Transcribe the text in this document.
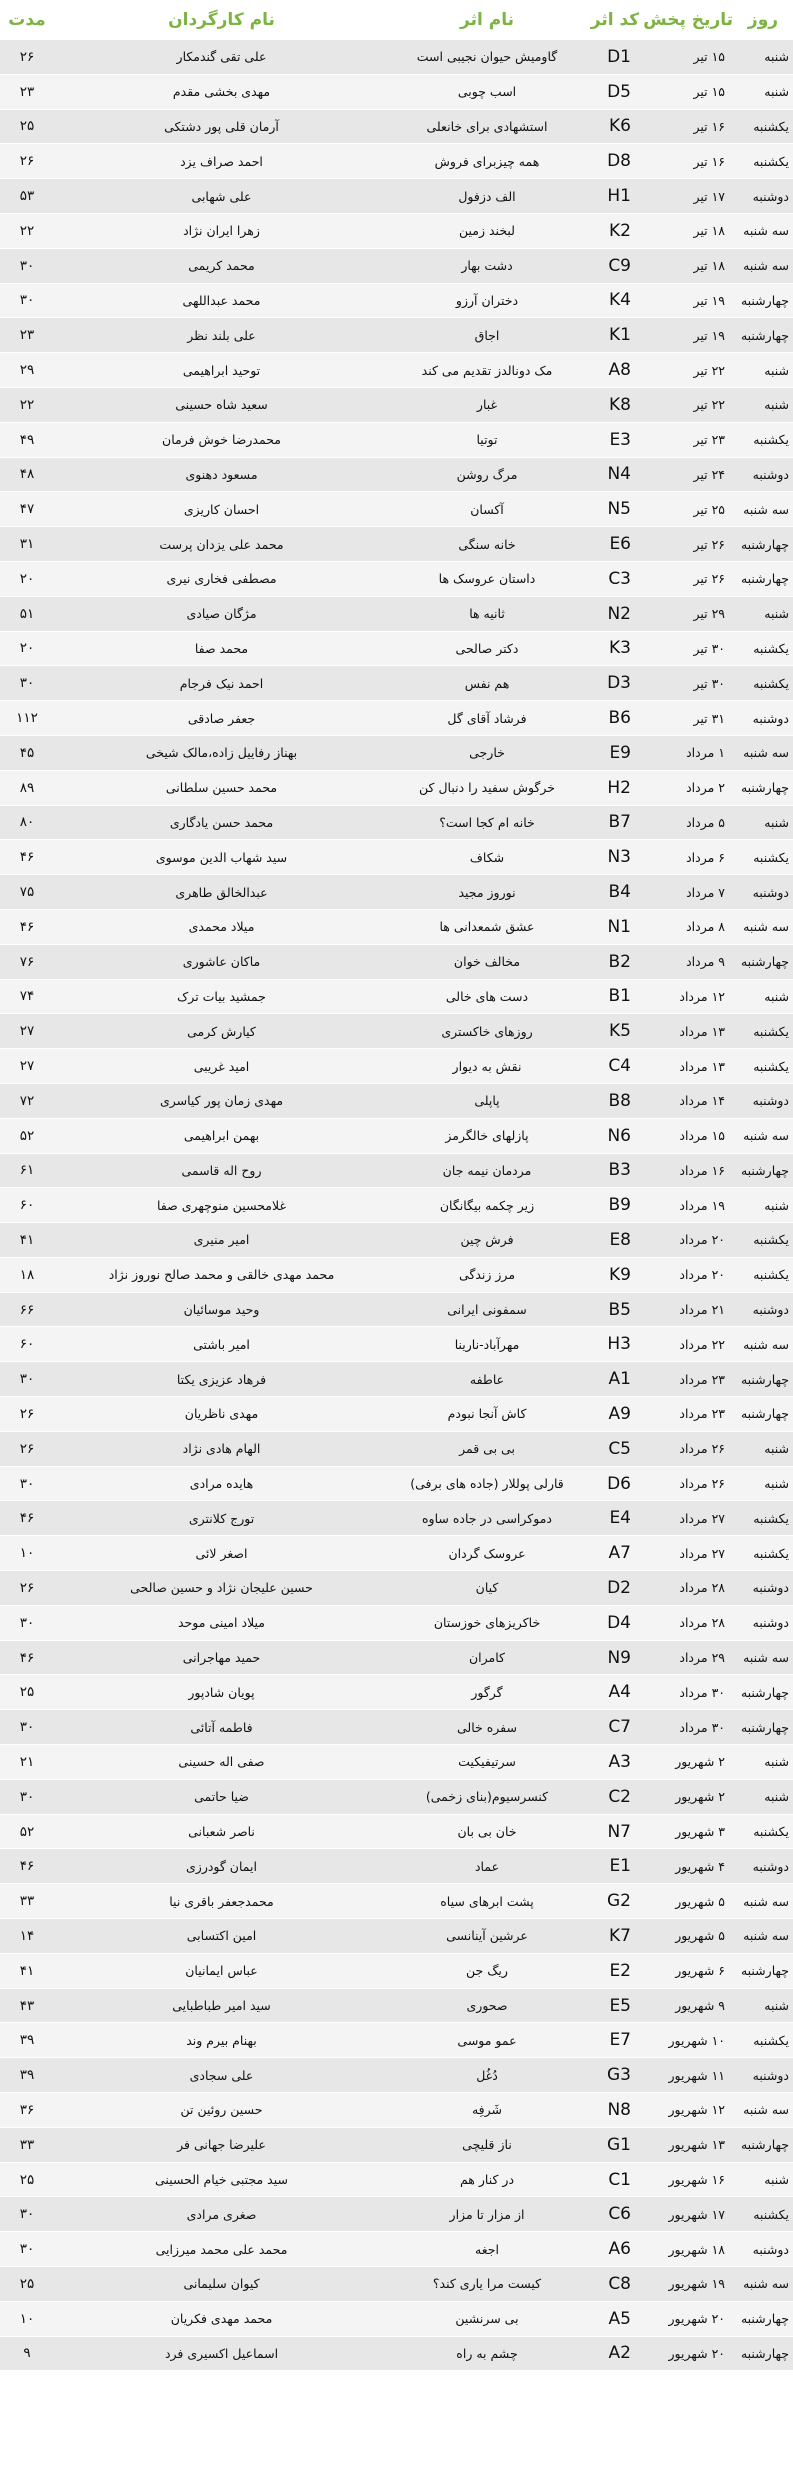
روز	تاریخ پخش	کد اثر	نام اثر	نام کارگردان	مدت
شنبه	۱۵ تیر	D1	گاومیش حیوان نجیبی است	علی تقی گندمکار	۲۶
شنبه	۱۵ تیر	D5	اسب چوبی	مهدی بخشی مقدم	۲۳
یکشنبه	۱۶ تیر	K6	استشهادی برای خانعلی	آرمان قلی پور دشتکی	۲۵
یکشنبه	۱۶ تیر	D8	همه چیزبرای فروش	احمد صراف یزد	۲۶
دوشنبه	۱۷ تیر	H1	الف دزفول	علی شهابی	۵۳
سه شنبه	۱۸ تیر	K2	لبخند زمین	زهرا ایران نژاد	۲۲
سه شنبه	۱۸ تیر	C9	دشت بهار	محمد کریمی	۳۰
چهارشنبه	۱۹ تیر	K4	دختران آرزو	محمد عبداللهی	۳۰
چهارشنبه	۱۹ تیر	K1	اجاق	علی بلند نظر	۲۳
شنبه	۲۲ تیر	A8	مک دونالدز تقدیم می کند	توحید ابراهیمی	۲۹
شنبه	۲۲ تیر	K8	غبار	سعید شاه حسینی	۲۲
یکشنبه	۲۳ تیر	E3	توتیا	محمدرضا خوش فرمان	۴۹
دوشنبه	۲۴ تیر	N4	مرگ روشن	مسعود دهنوی	۴۸
سه شنبه	۲۵ تیر	N5	آکسان	احسان کاریزی	۴۷
چهارشنبه	۲۶ تیر	E6	خانه سنگی	محمد علی یزدان پرست	۳۱
چهارشنبه	۲۶ تیر	C3	داستان عروسک ها	مصطفی فخاری نیری	۲۰
شنبه	۲۹ تیر	N2	ثانیه ها	مژگان صیادی	۵۱
یکشنبه	۳۰ تیر	K3	دکتر صالحی	محمد صفا	۲۰
یکشنبه	۳۰ تیر	D3	هم نفس	احمد نیک فرجام	۳۰
دوشنبه	۳۱ تیر	B6	فرشاد آقای گل	جعفر صادقی	۱۱۲
سه شنبه	۱ مرداد	E9	خارجی	بهناز رفاییل زاده،مالک شیخی	۴۵
چهارشنبه	۲ مرداد	H2	خرگوش سفید را دنبال کن	محمد حسین سلطانی	۸۹
شنبه	۵ مرداد	B7	خانه ام کجا است؟	محمد حسن یادگاری	۸۰
یکشنبه	۶ مرداد	N3	شکاف	سید شهاب الدین موسوی	۴۶
دوشنبه	۷ مرداد	B4	نوروز مجید	عبدالخالق طاهری	۷۵
سه شنبه	۸ مرداد	N1	عشق شمعدانی ها	میلاد محمدی	۴۶
چهارشنبه	۹ مرداد	B2	مخالف خوان	ماکان عاشوری	۷۶
شنبه	۱۲ مرداد	B1	دست های خالی	جمشید بیات ترک	۷۴
یکشنبه	۱۳ مرداد	K5	روزهای خاکستری	کیارش کرمی	۲۷
یکشنبه	۱۳ مرداد	C4	نقش به دیوار	امید غریبی	۲۷
دوشنبه	۱۴ مرداد	B8	پاپلی	مهدی زمان پور کیاسری	۷۲
سه شنبه	۱۵ مرداد	N6	پازلهای خالگرمز	بهمن ابراهیمی	۵۲
چهارشنبه	۱۶ مرداد	B3	مردمان نیمه جان	روح اله قاسمی	۶۱
شنبه	۱۹ مرداد	B9	زیر چکمه بیگانگان	غلامحسین منوچهری صفا	۶۰
یکشنبه	۲۰ مرداد	E8	فرش چین	امیر منیری	۴۱
یکشنبه	۲۰ مرداد	K9	مرز زندگی	محمد مهدی خالقی و محمد صالح نوروز نژاد	۱۸
دوشنبه	۲۱ مرداد	B5	سمفونی ایرانی	وحید موسائیان	۶۶
سه شنبه	۲۲ مرداد	H3	مهرآباد-نارینا	امیر باشتی	۶۰
چهارشنبه	۲۳ مرداد	A1	عاطفه	فرهاد عزیزی یکتا	۳۰
چهارشنبه	۲۳ مرداد	A9	کاش آنجا نبودم	مهدی ناظریان	۲۶
شنبه	۲۶ مرداد	C5	بی بی قمر	الهام هادی نژاد	۲۶
شنبه	۲۶ مرداد	D6	قارلی پوللار (جاده های برفی)	هایده مرادی	۳۰
یکشنبه	۲۷ مرداد	E4	دموکراسی در جاده ساوه	تورج کلانتری	۴۶
یکشنبه	۲۷ مرداد	A7	عروسک گردان	اصغر لائی	۱۰
دوشنبه	۲۸ مرداد	D2	کیان	حسین علیجان نژاد و حسین صالحی	۲۶
دوشنبه	۲۸ مرداد	D4	خاکریزهای خوزستان	میلاد امینی موحد	۳۰
سه شنبه	۲۹ مرداد	N9	کامران	حمید مهاجرانی	۴۶
چهارشنبه	۳۰ مرداد	A4	گرگور	پویان شادپور	۲۵
چهارشنبه	۳۰ مرداد	C7	سفره خالی	فاطمه آتائی	۳۰
شنبه	۲ شهریور	A3	سرتیفیکیت	صفی اله حسینی	۲۱
شنبه	۲ شهریور	C2	کنسرسیوم(بنای زخمی)	ضیا حاتمی	۳۰
یکشنبه	۳ شهریور	N7	خان بی بان	ناصر شعبانی	۵۲
دوشنبه	۴ شهریور	E1	عماد	ایمان گودرزی	۴۶
سه شنبه	۵ شهریور	G2	پشت ابرهای سیاه	محمدجعفر باقری نیا	۳۳
سه شنبه	۵ شهریور	K7	عرشین آینانسی	امین اکتسابی	۱۴
چهارشنبه	۶ شهریور	E2	ریگ جن	عباس ایمانیان	۴۱
شنبه	۹ شهریور	E5	صحوری	سید امیر طباطبایی	۴۳
یکشنبه	۱۰ شهریور	E7	عمو موسی	بهنام بیرم وند	۳۹
دوشنبه	۱۱ شهریور	G3	دُغُل	علی سجادی	۳۹
سه شنبه	۱۲ شهریور	N8	شَرفِه	حسین روئین تن	۳۶
چهارشنبه	۱۳ شهریور	G1	ناز قلیچی	علیرضا جهانی فر	۳۳
شنبه	۱۶ شهریور	C1	در کنار هم	سید مجتبی خیام الحسینی	۲۵
یکشنبه	۱۷ شهریور	C6	از مزار تا مزار	صغری مرادی	۳۰
دوشنبه	۱۸ شهریور	A6	اجغه	محمد علی محمد میرزایی	۳۰
سه شنبه	۱۹ شهریور	C8	کیست مرا یاری کند؟	کیوان سلیمانی	۲۵
چهارشنبه	۲۰ شهریور	A5	بی سرنشین	محمد مهدی فکریان	۱۰
چهارشنبه	۲۰ شهریور	A2	چشم به راه	اسماعیل اکسیری فرد	۹
